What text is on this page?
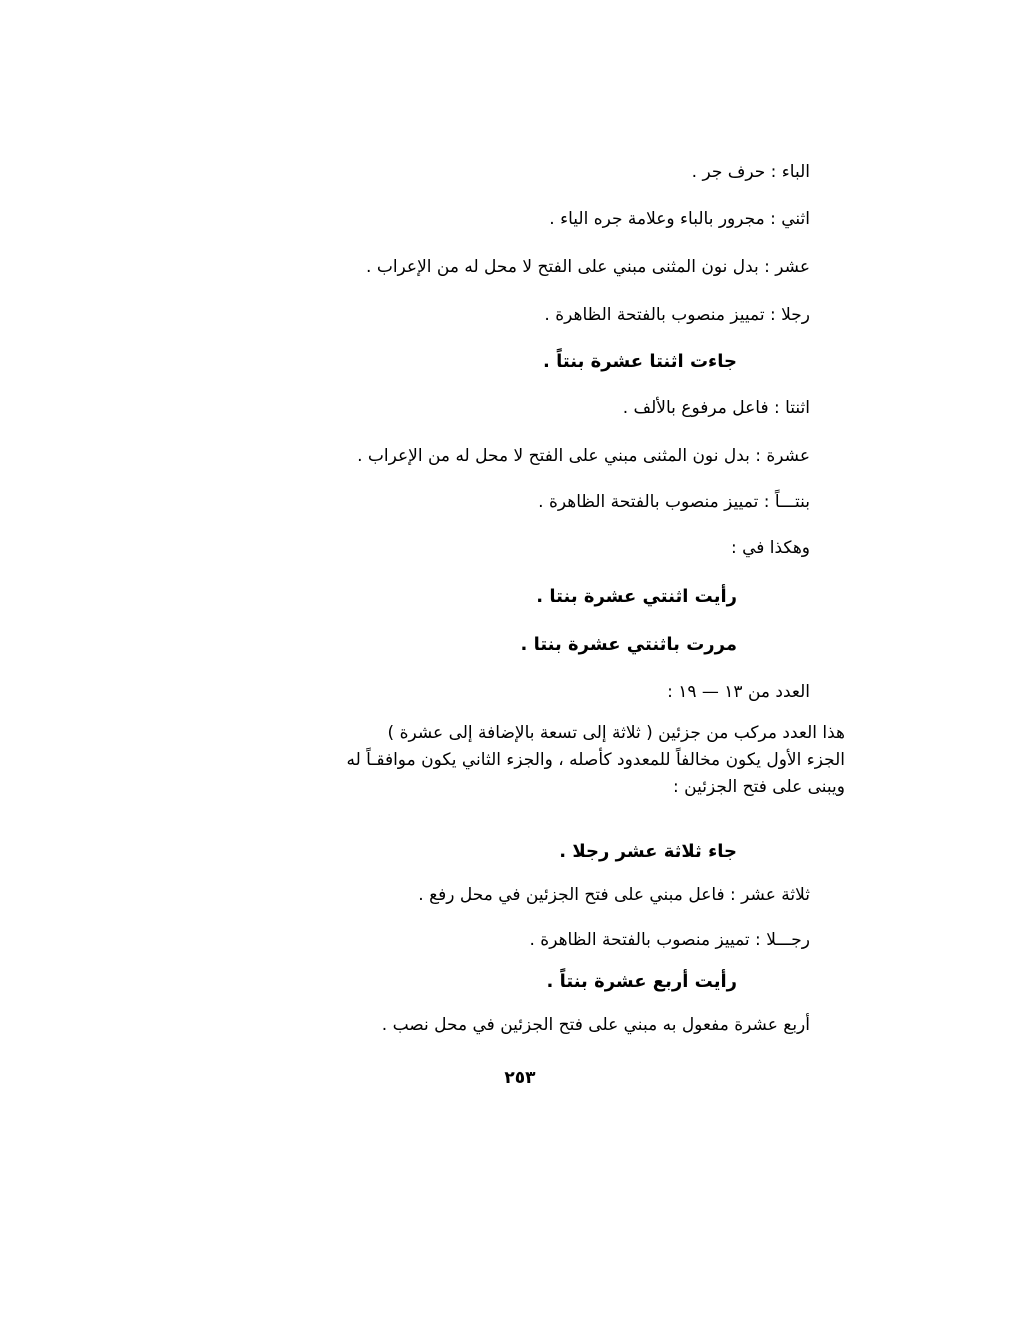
الباء : حرف جر .
اثني : مجرور بالباء وعلامة جره الياء .
عشر : بدل نون المثنى مبني على الفتح لا محل له من الإعراب .
رجلا : تمييز منصوب بالفتحة الظاهرة .
جاءت اثنتا عشرة بنتاً .
اثنتا : فاعل مرفوع بالألف .
عشرة : بدل نون المثنى مبني على الفتح لا محل له من الإعراب .
بنتـــاً : تمييز منصوب بالفتحة الظاهرة .
وهكذا في :
رأيت اثنتي عشرة بنتا .
مررت باثنتي عشرة بنتا .
العدد من ١٣ — ١٩ :
هذا العدد مركب من جزئين ( ثلاثة إلى تسعة بالإضافة إلى عشرة )
الجزء الأول يكون مخالفاً للمعدود كأصله ، والجزء الثاني يكون موافقـاً له
ويبنى على فتح الجزئين :
جاء ثلاثة عشر رجلا .
ثلاثة عشر : فاعل مبني على فتح الجزئين في محل رفع .
رجـــلا : تمييز منصوب بالفتحة الظاهرة .
رأيت أربع عشرة بنتاً .
أربع عشرة مفعول به مبني على فتح الجزئين في محل نصب .
٢٥٣
